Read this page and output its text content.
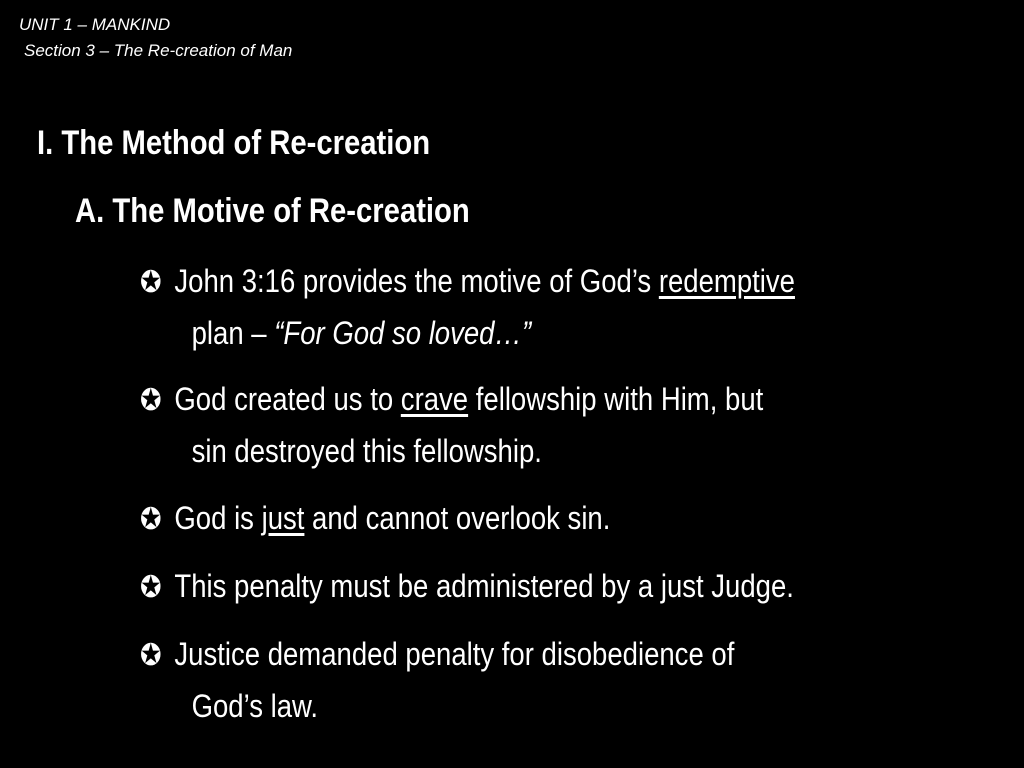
UNIT 1 – MANKIND
Section 3 – The Re-creation of Man
I. The Method of Re-creation
A. The Motive of Re-creation
✪ John 3:16 provides the motive of God’s redemptive
plan – “For God so loved…”
✪ God created us to crave fellowship with Him, but
sin destroyed this fellowship.
✪ God is just and cannot overlook sin.
✪ This penalty must be administered by a just Judge.
✪ Justice demanded penalty for disobedience of
God’s law.
